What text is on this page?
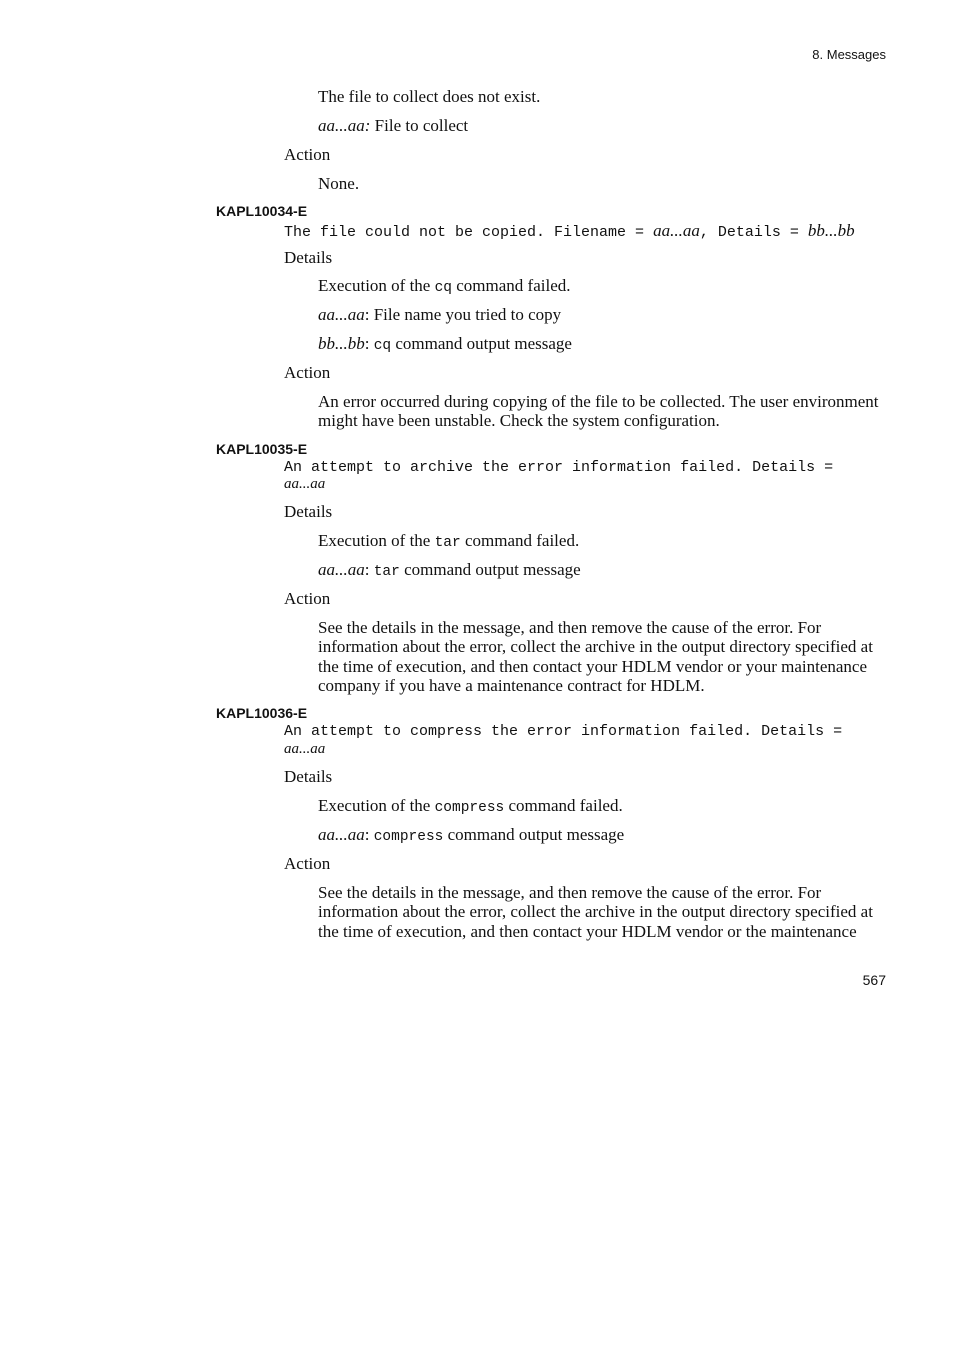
8. Messages
The file to collect does not exist.
aa...aa: File to collect
Action
None.
KAPL10034-E
The file could not be copied. Filename = aa...aa, Details = bb...bb
Details
Execution of the cq command failed.
aa...aa: File name you tried to copy
bb...bb: cq command output message
Action
An error occurred during copying of the file to be collected. The user environment
might have been unstable. Check the system configuration.
KAPL10035-E
An attempt to archive the error information failed. Details =
aa...aa
Details
Execution of the tar command failed.
aa...aa: tar command output message
Action
See the details in the message, and then remove the cause of the error. For
information about the error, collect the archive in the output directory specified at
the time of execution, and then contact your HDLM vendor or your maintenance
company if you have a maintenance contract for HDLM.
KAPL10036-E
An attempt to compress the error information failed. Details =
aa...aa
Details
Execution of the compress command failed.
aa...aa: compress command output message
Action
See the details in the message, and then remove the cause of the error. For
information about the error, collect the archive in the output directory specified at
the time of execution, and then contact your HDLM vendor or the maintenance
567
